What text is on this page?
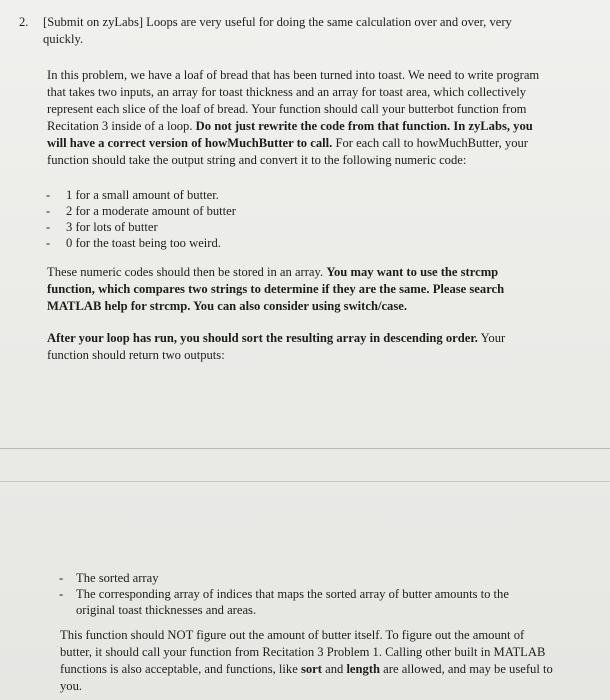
2. [Submit on zyLabs] Loops are very useful for doing the same calculation over and over, very

quickly.

In this problem, we have a loaf of bread that has been turned into toast. We need to write program

that takes two inputs, an array for toast thickness and an array for toast area, which collectively

represent each slice of the loaf of bread. Your function should call your butterbot function from

Recitation 3 inside of a loop. Do not just rewrite the code from that function. In zyLabs, you

will have a correct version of howMuchButter to call. For each call to howMuchButter, your

function should take the output string and convert it to the following numeric code:

- 1 for a small amount of butter.
- 2 for a moderate amount of butter
- 3 for lots of butter
- 0 for the toast being too weird.

These numeric codes should then be stored in an array. You may want to use the strcmp

function, which compares two strings to determine if they are the same. Please search

MATLAB help for strcmp. You can also consider using switch/case.

After your loop has run, you should sort the resulting array in descending order. Your

function should return two outputs:

- The sorted array
- The corresponding array of indices that maps the sorted array of butter amounts to the
original toast thicknesses and areas.

This function should NOT figure out the amount of butter itself. To figure out the amount of

butter, it should call your function from Recitation 3 Problem 1. Calling other built in MATLAB

functions is also acceptable, and functions, like sort and length are allowed, and may be useful to

you.
